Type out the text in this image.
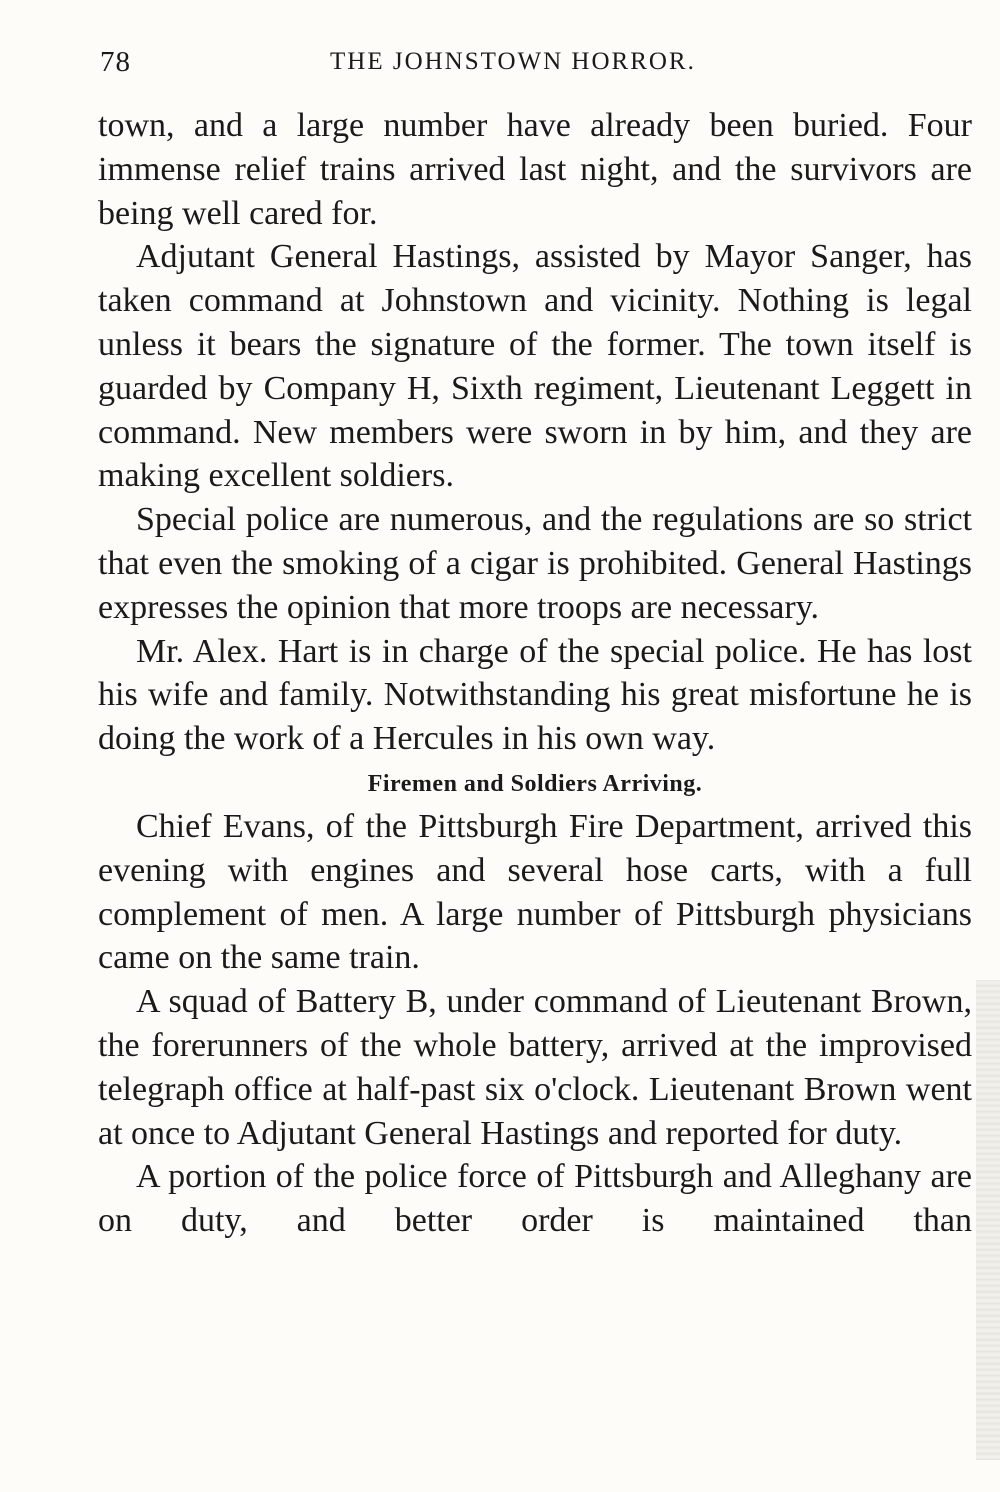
78	THE JOHNSTOWN HORROR.

town, and a large number have already been buried. Four immense relief trains arrived last night, and the survivors are being well cared for.

Adjutant General Hastings, assisted by Mayor Sanger, has taken command at Johnstown and vicinity. Nothing is legal unless it bears the signature of the former. The town itself is guarded by Company H, Sixth regiment, Lieutenant Leggett in command. New members were sworn in by him, and they are making excellent soldiers.

Special police are numerous, and the regulations are so strict that even the smoking of a cigar is prohibited. General Hastings expresses the opinion that more troops are necessary.

Mr. Alex. Hart is in charge of the special police. He has lost his wife and family. Notwithstanding his great misfortune he is doing the work of a Hercules in his own way.

Firemen and Soldiers Arriving.

Chief Evans, of the Pittsburgh Fire Department, arrived this evening with engines and several hose carts, with a full complement of men. A large number of Pittsburgh physicians came on the same train.

A squad of Battery B, under command of Lieutenant Brown, the forerunners of the whole battery, arrived at the improvised telegraph office at half-past six o'clock. Lieutenant Brown went at once to Adjutant General Hastings and reported for duty.

A portion of the police force of Pittsburgh and Alleghany are on duty, and better order is maintained than
